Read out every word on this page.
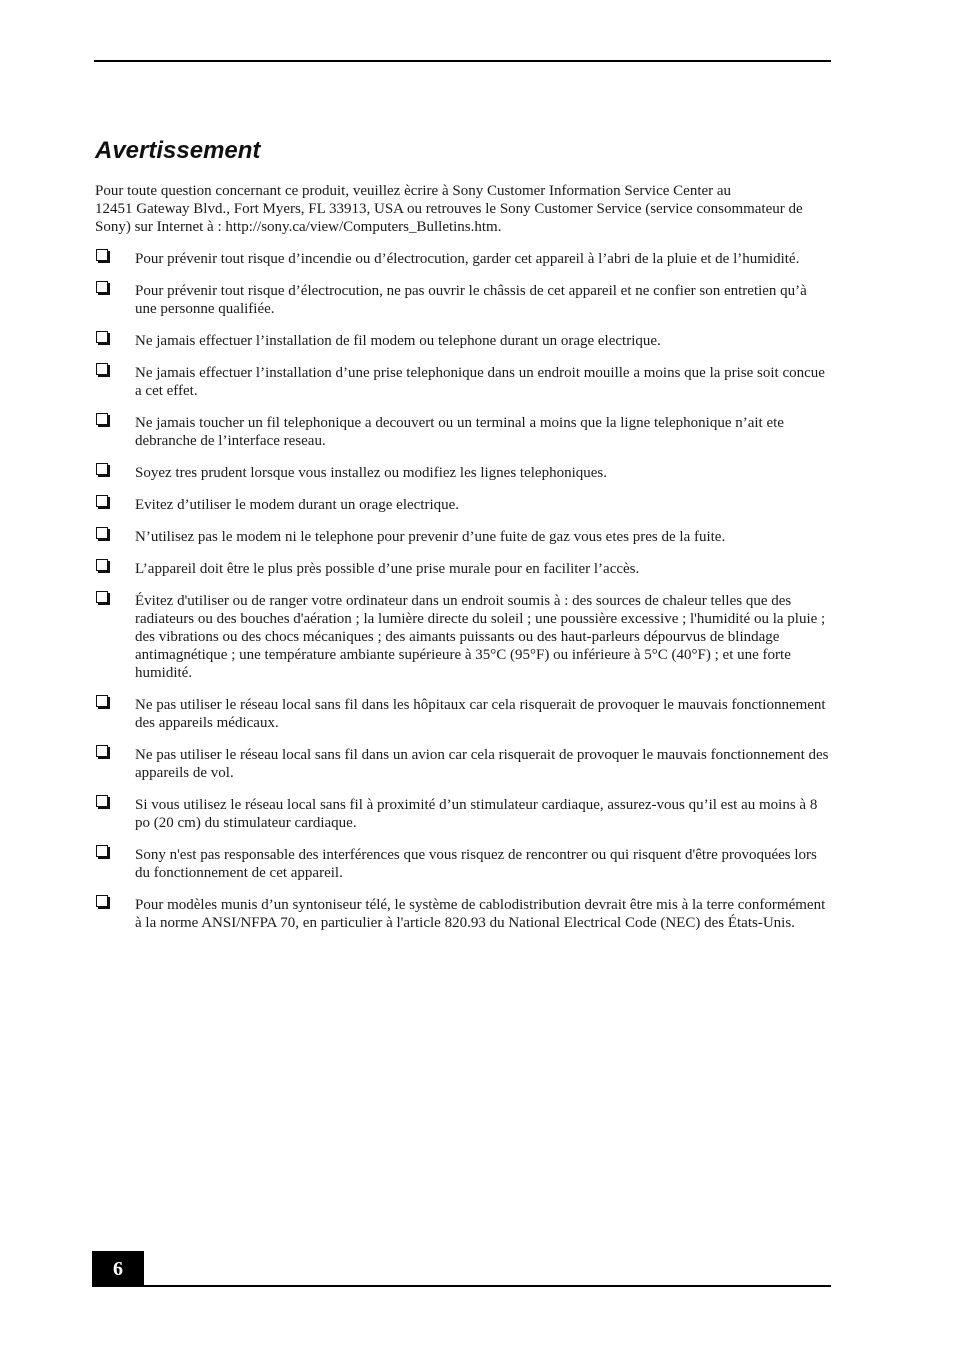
Avertissement

Pour toute question concernant ce produit, veuillez ècrire à Sony Customer Information Service Center au
12451 Gateway Blvd., Fort Myers, FL 33913, USA ou retrouves le Sony Customer Service (service consommateur de Sony) sur Internet à : http://sony.ca/view/Computers_Bulletins.htm.

Pour prévenir tout risque d’incendie ou d’électrocution, garder cet appareil à l’abri de la pluie et de l’humidité.
Pour prévenir tout risque d’électrocution, ne pas ouvrir le châssis de cet appareil et ne confier son entretien qu’à une personne qualifiée.
Ne jamais effectuer l’installation de fil modem ou telephone durant un orage electrique.
Ne jamais effectuer l’installation d’une prise telephonique dans un endroit mouille a moins que la prise soit concue a cet effet.
Ne jamais toucher un fil telephonique a decouvert ou un terminal a moins que la ligne telephonique n’ait ete debranche de l’interface reseau.
Soyez tres prudent lorsque vous installez ou modifiez les lignes telephoniques.
Evitez d’utiliser le modem durant un orage electrique.
N’utilisez pas le modem ni le telephone pour prevenir d’une fuite de gaz vous etes pres de la fuite.
L’appareil doit être le plus près possible d’une prise murale pour en faciliter l’accès.
Évitez d'utiliser ou de ranger votre ordinateur dans un endroit soumis à : des sources de chaleur telles que des radiateurs ou des bouches d'aération ; la lumière directe du soleil ; une poussière excessive ; l'humidité ou la pluie ; des vibrations ou des chocs mécaniques ; des aimants puissants ou des haut-parleurs dépourvus de blindage antimagnétique ; une température ambiante supérieure à 35°C (95°F) ou inférieure à 5°C (40°F) ; et une forte humidité.
Ne pas utiliser le réseau local sans fil dans les hôpitaux car cela risquerait de provoquer le mauvais fonctionnement des appareils médicaux.
Ne pas utiliser le réseau local sans fil dans un avion car cela risquerait de provoquer le mauvais fonctionnement des appareils de vol.
Si vous utilisez le réseau local sans fil à proximité d’un stimulateur cardiaque, assurez-vous qu’il est au moins à 8 po (20 cm) du stimulateur cardiaque.
Sony n'est pas responsable des interférences que vous risquez de rencontrer ou qui risquent d'être provoquées lors du fonctionnement de cet appareil.
Pour modèles munis d’un syntoniseur télé, le système de cablodistribution devrait être mis à la terre conformément à la norme ANSI/NFPA 70, en particulier à l'article 820.93 du National Electrical Code (NEC) des États-Unis.
6
